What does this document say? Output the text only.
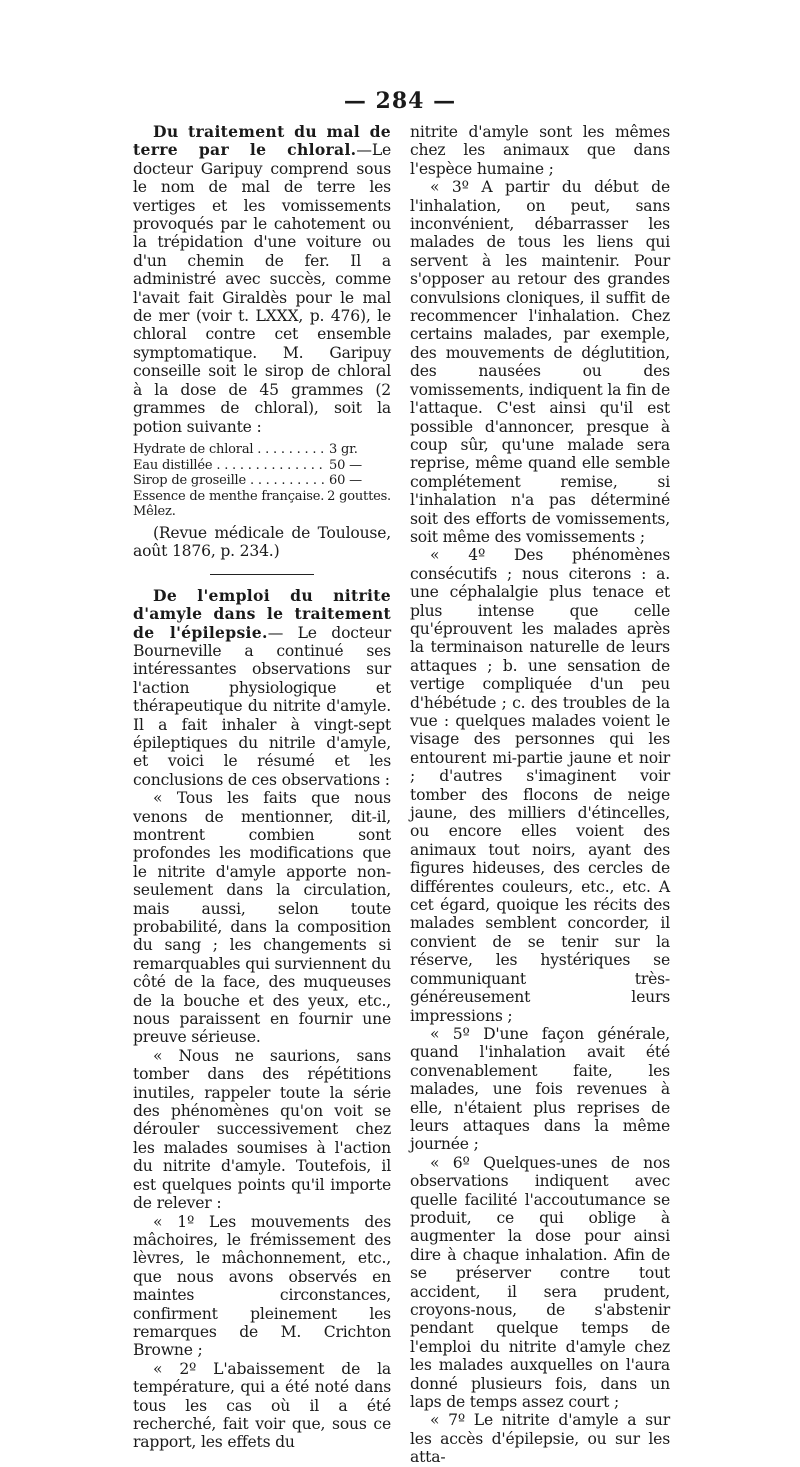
— 284 —

Du traitement du mal de terre par le chloral.—Le docteur Garipuy comprend sous le nom de mal de terre les vertiges et les vomissements provoqués par le cahotement ou la trépidation d'une voiture ou d'un chemin de fer. Il a administré avec succès, comme l'avait fait Giraldès pour le mal de mer (voir t. LXXX, p. 476), le chloral contre cet ensemble symptomatique. M. Garipuy conseille soit le sirop de chloral à la dose de 45 grammes (2 grammes de chloral), soit la potion suivante :

Hydrate de chloral . . .	3 gr.
Eau distillée . . .	50 —
Sirop de groseille . . .	60 —
Essence de menthe française. . . . 2 gouttes.
Mêlez.

(Revue médicale de Toulouse, août 1876, p. 234.)

De l'emploi du nitrite d'amyle dans le traitement de l'épilepsie.— Le docteur Bourneville a continué ses intéressantes observations sur l'action physiologique et thérapeutique du nitrite d'amyle. Il a fait inhaler à vingt-sept épileptiques du nitrile d'amyle, et voici le résumé et les conclusions de ces observations :

« Tous les faits que nous venons de mentionner, dit-il, montrent combien sont profondes les modifications que le nitrite d'amyle apporte non-seulement dans la circulation, mais aussi, selon toute probabilité, dans la composition du sang ; les changements si remarquables qui surviennent du côté de la face, des muqueuses de la bouche et des yeux, etc., nous paraissent en fournir une preuve sérieuse.

« Nous ne saurions, sans tomber dans des répétitions inutiles, rappeler toute la série des phénomènes qu'on voit se dérouler successivement chez les malades soumises à l'action du nitrite d'amyle. Toutefois, il est quelques points qu'il importe de relever :

« 1º Les mouvements des mâchoires, le frémissement des lèvres, le mâchonnement, etc., que nous avons observés en maintes circonstances, confirment pleinement les remarques de M. Crichton Browne ;

« 2º L'abaissement de la température, qui a été noté dans tous les cas où il a été recherché, fait voir que, sous ce rapport, les effets du

nitrite d'amyle sont les mêmes chez les animaux que dans l'espèce humaine ;

« 3º A partir du début de l'inhalation, on peut, sans inconvénient, débarrasser les malades de tous les liens qui servent à les maintenir. Pour s'opposer au retour des grandes convulsions cloniques, il suffit de recommencer l'inhalation. Chez certains malades, par exemple, des mouvements de déglutition, des nausées ou des vomissements, indiquent la fin de l'attaque. C'est ainsi qu'il est possible d'annoncer, presque à coup sûr, qu'une malade sera reprise, même quand elle semble complétement remise, si l'inhalation n'a pas déterminé soit des efforts de vomissements, soit même des vomissements ;

« 4º Des phénomènes consécutifs ; nous citerons : a. une céphalalgie plus tenace et plus intense que celle qu'éprouvent les malades après la terminaison naturelle de leurs attaques ; b. une sensation de vertige compliquée d'un peu d'hébétude ; c. des troubles de la vue : quelques malades voient le visage des personnes qui les entourent mi-partie jaune et noir ; d'autres s'imaginent voir tomber des flocons de neige jaune, des milliers d'étincelles, ou encore elles voient des animaux tout noirs, ayant des figures hideuses, des cercles de différentes couleurs, etc., etc. A cet égard, quoique les récits des malades semblent concorder, il convient de se tenir sur la réserve, les hystériques se communiquant très-généreusement leurs impressions ;

« 5º D'une façon générale, quand l'inhalation avait été convenablement faite, les malades, une fois revenues à elle, n'étaient plus reprises de leurs attaques dans la même journée ;

« 6º Quelques-unes de nos observations indiquent avec quelle facilité l'accoutumance se produit, ce qui oblige à augmenter la dose pour ainsi dire à chaque inhalation. Afin de se préserver contre tout accident, il sera prudent, croyons-nous, de s'abstenir pendant quelque temps de l'emploi du nitrite d'amyle chez les malades auxquelles on l'aura donné plusieurs fois, dans un laps de temps assez court ;

« 7º Le nitrite d'amyle a sur les accès d'épilepsie, ou sur les atta-
